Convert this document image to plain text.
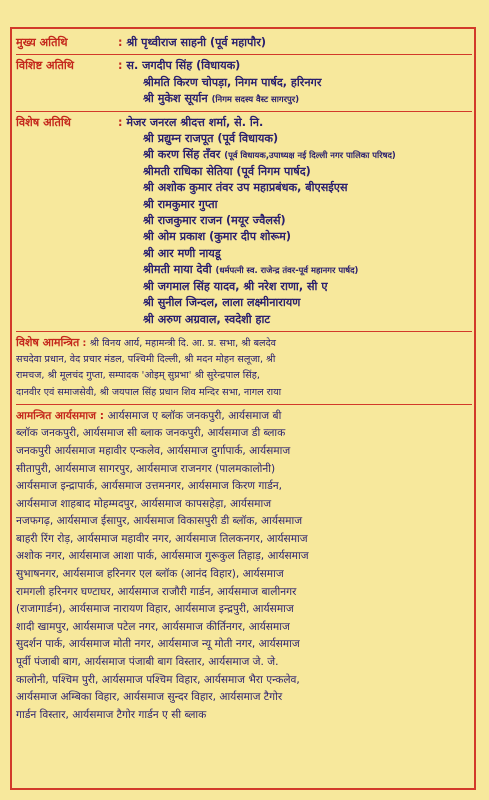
मुख्य अतिथि	: श्री पृथ्वीराज साहनी (पूर्व महापौर)
विशिष्ट अतिथि	: स. जगदीप सिंह (विधायक)
श्रीमति किरण चोपड़ा, निगम पार्षद, हरिनगर
श्री मुकेश सूर्यान (निगम सदस्य वैस्ट सागरपुर)
विशेष अतिथि	: मेजर जनरल श्रीदत्त शर्मा, से. नि.
श्री प्रद्युम्न राजपूत (पूर्व विधायक)
श्री करण सिंह तँवर (पूर्व विधायक,उपाध्यक्ष नई दिल्ली नगर पालिका परिषद)
श्रीमती राधिका सेतिया (पूर्व निगम पार्षद)
श्री अशोक कुमार तंवर उप महाप्रबंधक, बीएसईएस
श्री रामकुमार गुप्ता
श्री राजकुमार राजन (मयूर ज्वैलर्स)
श्री ओम प्रकाश (कुमार दीप शोरूम)
श्री आर मणी नायडू
श्रीमती माया देवी (धर्मपत्नी स्व. राजेन्द्र तंवर-पूर्व महानगर पार्षद)
श्री जगमाल सिंह यादव, श्री नरेश राणा, सी ए
श्री सुनील जिन्दल, लाला लक्ष्मीनारायण
श्री अरुण अग्रवाल, स्वदेशी हाट
विशेष आमन्त्रित : श्री विनय आर्य, महामन्त्री दि. आ. प्र. सभा, श्री बलदेव
सचदेवा प्रधान, वेद प्रचार मंडल, पश्चिमी दिल्ली, श्री मदन मोहन सलूजा, श्री
रामचज, श्री मूलचंद गुप्ता, सम्पादक 'ओइम् सुप्रभा' श्री सुरेन्द्रपाल सिंह,
दानवीर एवं समाजसेवी, श्री जयपाल सिंह प्रधान शिव मन्दिर सभा, नागल राया
आमन्त्रित आर्यसमाज : आर्यसमाज ए ब्लॉक जनकपुरी, आर्यसमाज बी
ब्लॉक जनकपुरी, आर्यसमाज सी ब्लाक जनकपुरी, आर्यसमाज डी ब्लाक
जनकपुरी आर्यसमाज महावीर एन्कलेव, आर्यसमाज दुर्गापार्क, आर्यसमाज
सीतापुरी, आर्यसमाज सागरपुर, आर्यसमाज राजनगर (पालमकालोनी)
आर्यसमाज इन्द्रापार्क, आर्यसमाज उत्तमनगर, आर्यसमाज किरण गार्डन,
आर्यसमाज शाहबाद मोहम्मदपुर, आर्यसमाज कापसहेड़ा, आर्यसमाज
नजफगढ़, आर्यसमाज ईसापुर, आर्यसमाज विकासपुरी डी ब्लॉक, आर्यसमाज
बाहरी रिंग रोड़, आर्यसमाज महावीर नगर, आर्यसमाज तिलकनगर, आर्यसमाज
अशोक नगर, आर्यसमाज आशा पार्क, आर्यसमाज गुरूकुल तिहाड़, आर्यसमाज
सुभाषनगर, आर्यसमाज हरिनगर एल ब्लॉक (आनंद विहार), आर्यसमाज
रामगली हरिनगर घण्टाघर, आर्यसमाज राजौरी गार्डन, आर्यसमाज बालीनगर
(राजागार्डन), आर्यसमाज नारायण विहार, आर्यसमाज इन्द्रपुरी, आर्यसमाज
शादी खामपुर, आर्यसमाज पटेल नगर, आर्यसमाज कीर्तिनगर, आर्यसमाज
सुदर्शन पार्क, आर्यसमाज मोती नगर, आर्यसमाज न्यू मोती नगर, आर्यसमाज
पूर्वी पंजाबी बाग, आर्यसमाज पंजाबी बाग विस्तार, आर्यसमाज जे. जे.
कालोनी, पश्चिम पुरी, आर्यसमाज पश्चिम विहार, आर्यसमाज भैरा एन्कलेव,
आर्यसमाज अम्बिका विहार, आर्यसमाज सुन्दर विहार, आर्यसमाज टैगोर
गार्डन विस्तार, आर्यसमाज टैगोर गार्डन ए सी ब्लाक
